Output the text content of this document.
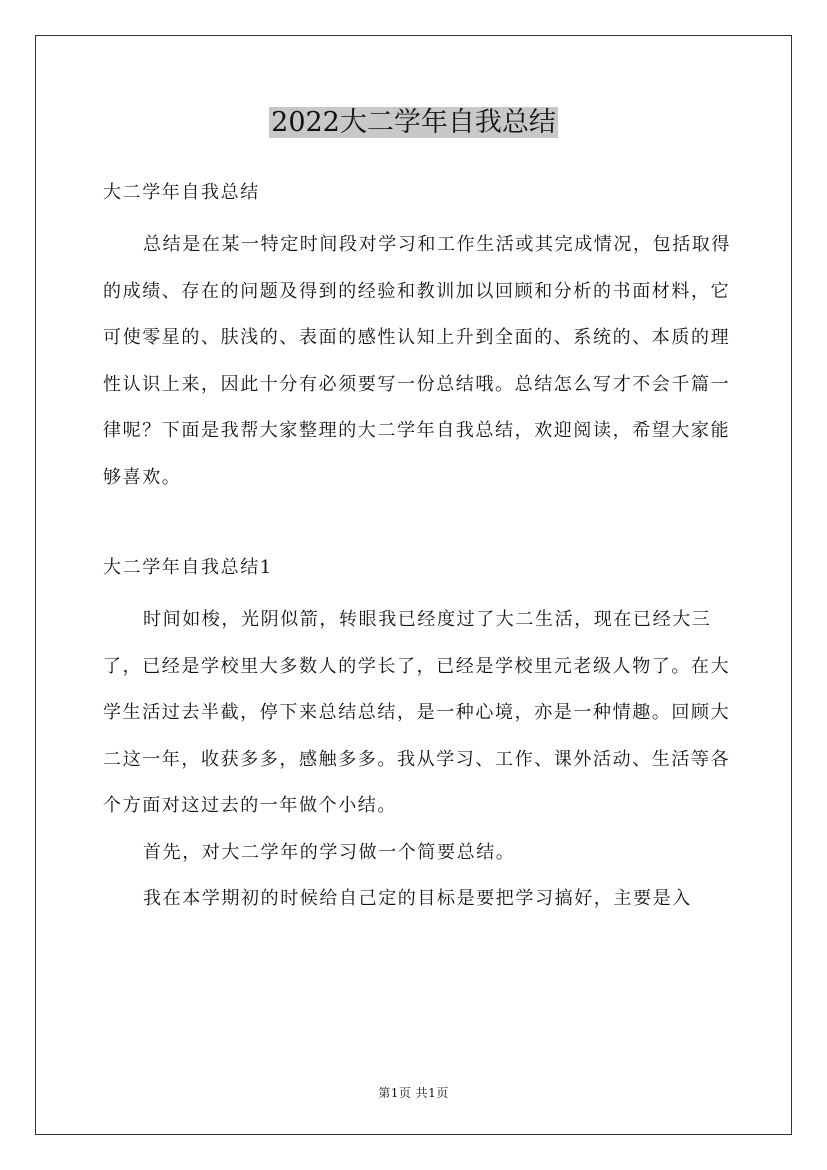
2022大二学年自我总结

大二学年自我总结

总结是在某一特定时间段对学习和工作生活或其完成情况，包括取得的成绩、存在的问题及得到的经验和教训加以回顾和分析的书面材料，它可使零星的、肤浅的、表面的感性认知上升到全面的、系统的、本质的理性认识上来，因此十分有必须要写一份总结哦。总结怎么写才不会千篇一律呢？下面是我帮大家整理的大二学年自我总结，欢迎阅读，希望大家能够喜欢。

大二学年自我总结1

时间如梭，光阴似箭，转眼我已经度过了大二生活，现在已经大三了，已经是学校里大多数人的学长了，已经是学校里元老级人物了。在大学生活过去半截，停下来总结总结，是一种心境，亦是一种情趣。回顾大二这一年，收获多多，感触多多。我从学习、工作、课外活动、生活等各个方面对这过去的一年做个小结。

首先，对大二学年的学习做一个简要总结。

我在本学期初的时候给自己定的目标是要把学习搞好，主要是入

第1页 共1页
